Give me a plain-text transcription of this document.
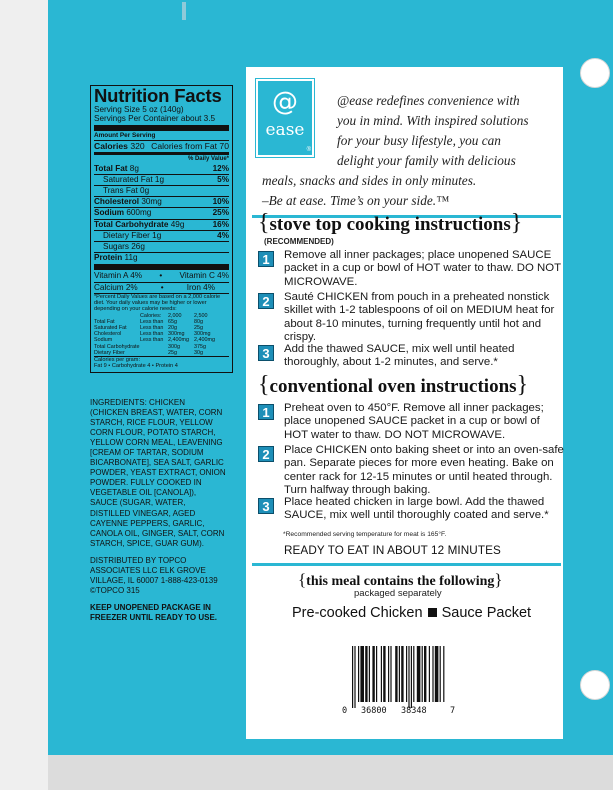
Nutrition Facts
Serving Size 5 oz (140g)
Servings Per Container about 3.5
Amount Per Serving
Calories 320 Calories from Fat 70
% Daily Value*
Total Fat 8g	12%
Saturated Fat 1g	5%
Trans Fat 0g
Cholesterol 30mg	10%
Sodium 600mg	25%
Total Carbohydrate 49g	16%
Dietary Fiber 1g	4%
Sugars 26g
Protein 11g
Vitamin A 4% • Vitamin C 4%
Calcium 2%	•	Iron 4%
*Percent Daily Values are based on a 2,000 calorie diet. Your daily values may be higher or lower depending on your calorie needs:
Calories:	2,000	2,500
Total Fat	Less than 65g	80g
Saturated Fat	Less than 20g	25g
Cholesterol	Less than 300mg	300mg
Sodium	Less than 2,400mg 2,400mg
Total Carbohydrate	300g	375g
Dietary Fiber	25g	30g
Calories per gram:
Fat 9 • Carbohydrate 4 • Protein 4

INGREDIENTS: CHICKEN (CHICKEN BREAST, WATER, CORN STARCH, RICE FLOUR, YELLOW CORN FLOUR, POTATO STARCH, YELLOW CORN MEAL, LEAVENING [CREAM OF TARTAR, SODIUM BICARBONATE], SEA SALT, GARLIC POWDER, YEAST EXTRACT, ONION POWDER. FULLY COOKED IN VEGETABLE OIL [CANOLA]), SAUCE (SUGAR, WATER, DISTILLED VINEGAR, AGED CAYENNE PEPPERS, GARLIC, CANOLA OIL, GINGER, SALT, CORN STARCH, SPICE, GUAR GUM).

DISTRIBUTED BY TOPCO ASSOCIATES LLC ELK GROVE VILLAGE, IL 60007 1-888-423-0139 ©TOPCO 315

KEEP UNOPENED PACKAGE IN FREEZER UNTIL READY TO USE.

@
ease
®
@ease redefines convenience with
you in mind. With inspired solutions
for your busy lifestyle, you can
delight your family with delicious
meals, snacks and sides in only minutes.
–Be at ease. Time’s on your side.™
{stove top cooking instructions}
(RECOMMENDED)
1	Remove all inner packages; place unopened SAUCE packet in a cup or bowl of HOT water to thaw. DO NOT MICROWAVE.
2	Sauté CHICKEN from pouch in a preheated nonstick skillet with 1-2 tablespoons of oil on MEDIUM heat for about 8-10 minutes, turning frequently until hot and crispy.
3	Add the thawed SAUCE, mix well until heated thoroughly, about 1-2 minutes, and serve.*
{conventional oven instructions}
1	Preheat oven to 450°F. Remove all inner packages; place unopened SAUCE packet in a cup or bowl of HOT water to thaw. DO NOT MICROWAVE.
2	Place CHICKEN onto baking sheet or into an oven-safe pan. Separate pieces for more even heating. Bake on center rack for 12-15 minutes or until heated through. Turn halfway through baking.
3	Place heated chicken in large bowl. Add the thawed SAUCE, mix well until thoroughly coated and serve.*
*Recommended serving temperature for meat is 165°F.
READY TO EAT IN ABOUT 12 MINUTES
{this meal contains the following}
packaged separately
Pre-cooked Chicken Sauce Packet
0 36800 38348	7
